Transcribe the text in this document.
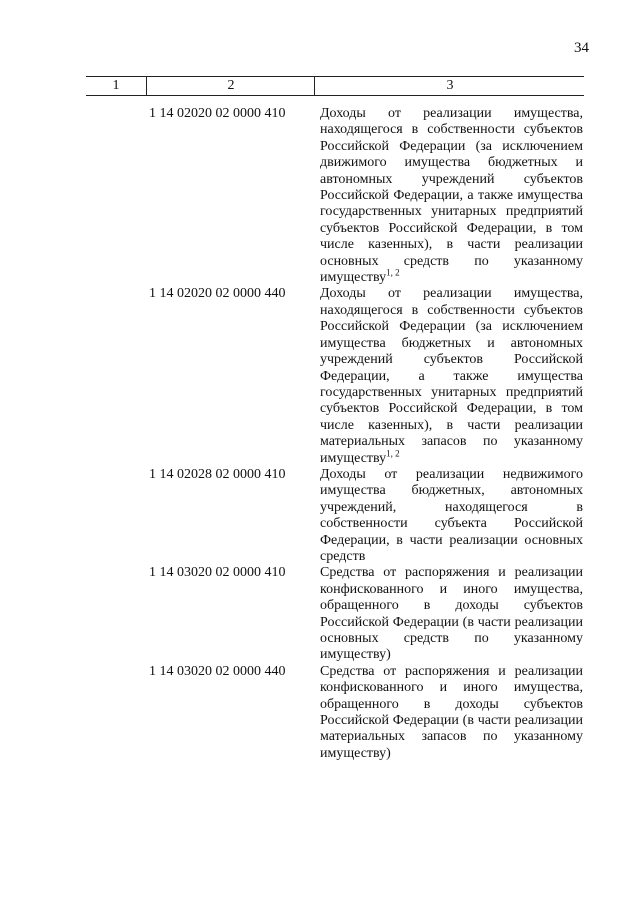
34
1	2	3
1 14 02020 02 0000 410 Доходы от реализации имущества, находящегося в собственности субъектов Российской Федерации (за исключением движимого имущества бюджетных и автономных учреждений субъектов Российской Федерации, а также имущества государственных унитарных предприятий субъектов Российской Федерации, в том числе казенных), в части реализации основных средств по указанному имуществу$^{1, 2}$
1 14 02020 02 0000 440 Доходы от реализации имущества, находящегося в собственности субъектов Российской Федерации (за исключением имущества бюджетных и автономных учреждений субъектов Российской Федерации, а также имущества государственных унитарных предприятий субъектов Российской Федерации, в том числе казенных), в части реализации материальных запасов по указанному имуществу$^{1, 2}$
1 14 02028 02 0000 410 Доходы от реализации недвижимого имущества бюджетных, автономных учреждений, находящегося в собственности субъекта Российской Федерации, в части реализации основных средств
1 14 03020 02 0000 410 Средства от распоряжения и реализации конфискованного и иного имущества, обращенного в доходы субъектов Российской Федерации (в части реализации основных средств по указанному имуществу)
1 14 03020 02 0000 440 Средства от распоряжения и реализации конфискованного и иного имущества, обращенного в доходы субъектов Российской Федерации (в части реализации материальных запасов по указанному имуществу)
